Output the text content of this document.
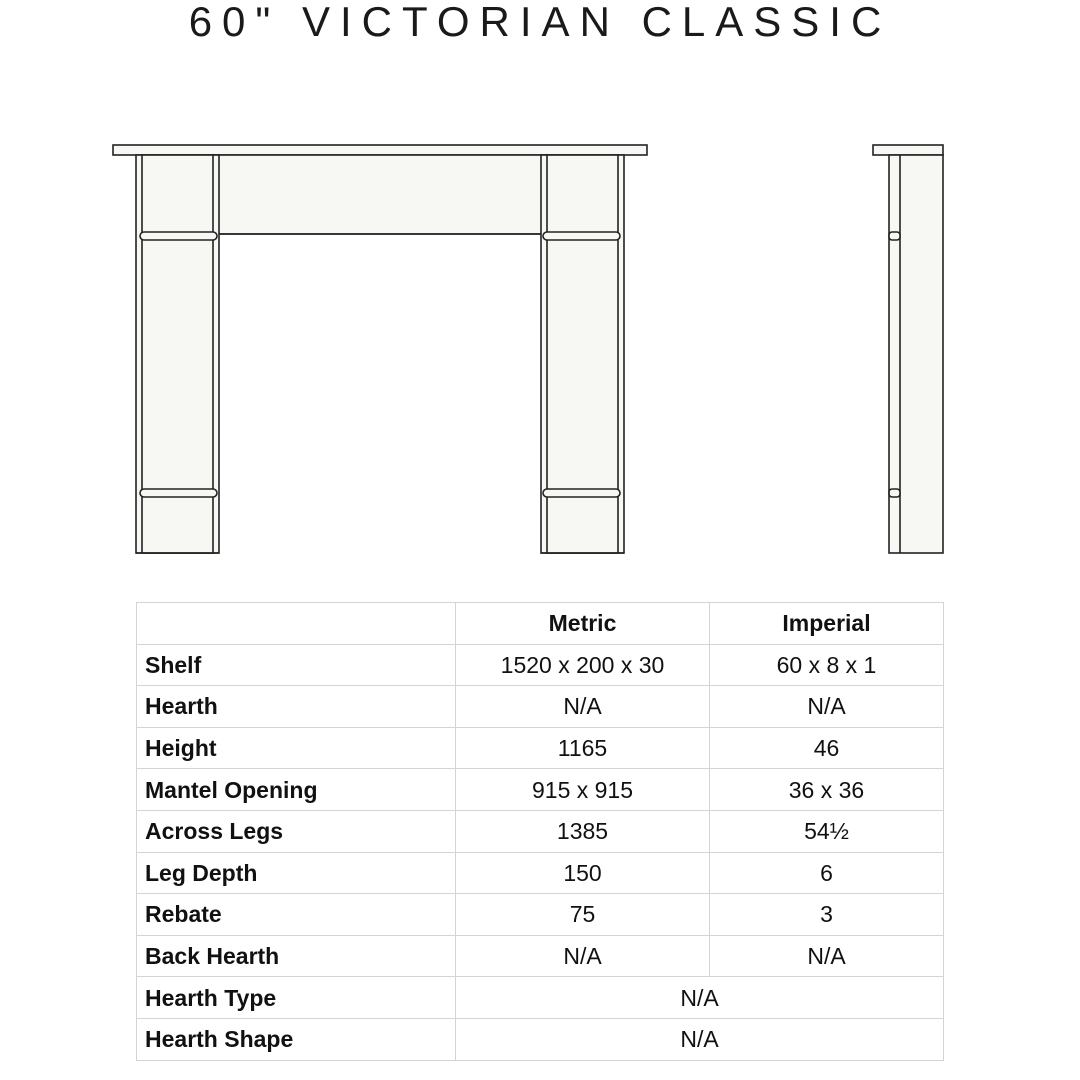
60" VICTORIAN CLASSIC
	Metric	Imperial
Shelf	1520 x 200 x 30	60 x 8 x 1
Hearth	N/A	N/A
Height	1165	46
Mantel Opening	915 x 915	36 x 36
Across Legs	1385	54½
Leg Depth	150	6
Rebate	75	3
Back Hearth	N/A	N/A
Hearth Type	N/A	
Hearth Shape	N/A	
